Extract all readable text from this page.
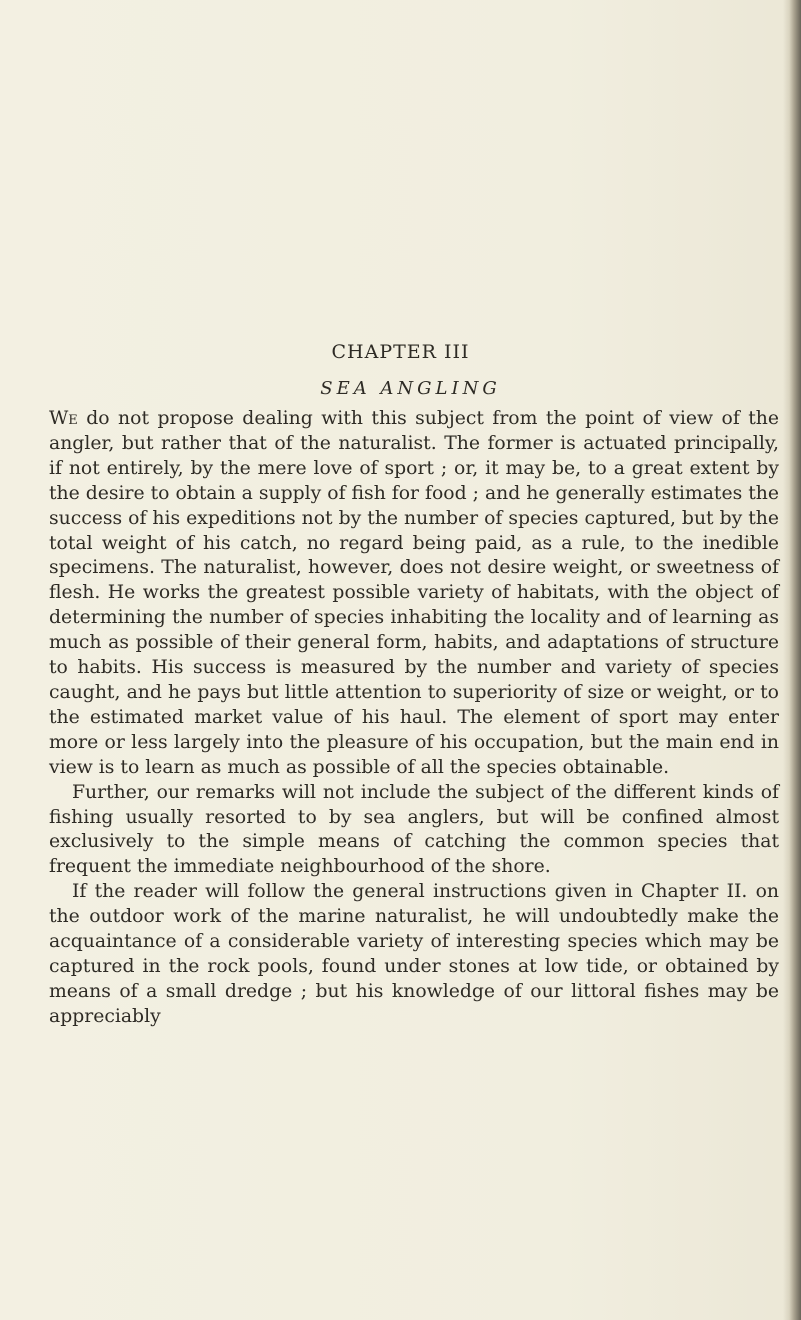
CHAPTER III
SEA ANGLING

We do not propose dealing with this subject from the point of view of the angler, but rather that of the naturalist. The former is actuated principally, if not entirely, by the mere love of sport ; or, it may be, to a great extent by the desire to obtain a supply of fish for food ; and he generally estimates the success of his expeditions not by the number of species captured, but by the total weight of his catch, no regard being paid, as a rule, to the inedible specimens. The naturalist, however, does not desire weight, or sweetness of flesh. He works the greatest possible variety of habitats, with the object of determining the number of species inhabiting the locality and of learning as much as possible of their general form, habits, and adaptations of structure to habits. His success is measured by the number and variety of species caught, and he pays but little attention to superiority of size or weight, or to the estimated market value of his haul. The element of sport may enter more or less largely into the pleasure of his occupation, but the main end in view is to learn as much as possible of all the species obtainable.

Further, our remarks will not include the subject of the different kinds of fishing usually resorted to by sea anglers, but will be confined almost exclusively to the simple means of catching the common species that frequent the immediate neighbourhood of the shore.

If the reader will follow the general instructions given in Chapter II. on the outdoor work of the marine naturalist, he will undoubtedly make the acquaintance of a considerable variety of interesting species which may be captured in the rock pools, found under stones at low tide, or obtained by means of a small dredge ; but his knowledge of our littoral fishes may be appreciably
